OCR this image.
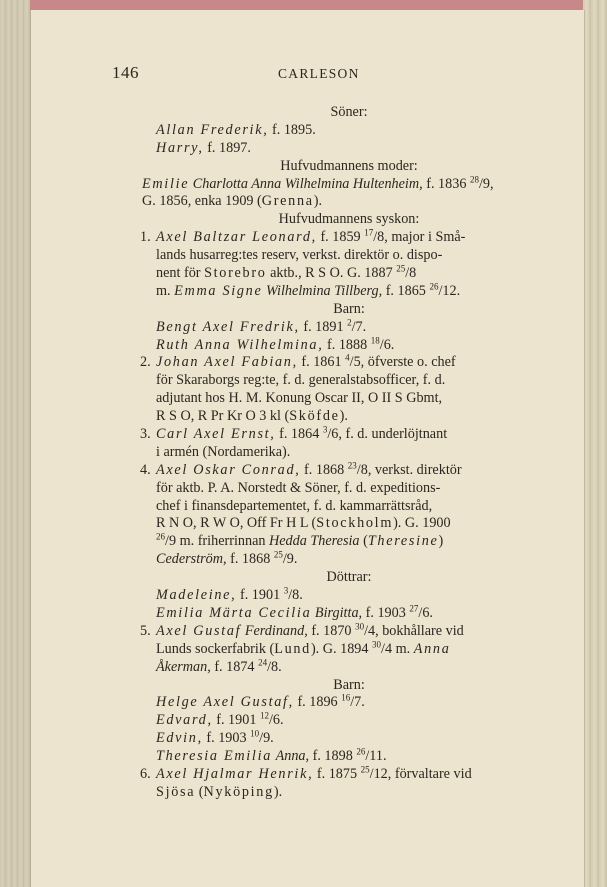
146	CARLESON
Söner:
Allan Frederik, f. 1895.
Harry, f. 1897.
Hufvudmannens moder:
Emilie Charlotta Anna Wilhelmina Hultenheim, f. 1836 $^{28}$/9,
G. 1856, enka 1909 (Grenna).
Hufvudmannens syskon:
1. Axel Baltzar Leonard, f. 1859 $^{17}$/8, major i Små-
lands husarreg:tes reserv, verkst. direktör o. dispo-
nent för Storebro aktb., R S O. G. 1887 $^{25}$/8
m. Emma Signe Wilhelmina Tillberg, f. 1865 $^{26}$/12.
Barn:
Bengt Axel Fredrik, f. 1891 $^2$/7.
Ruth Anna Wilhelmina, f. 1888 $^{18}$/6.
2. Johan Axel Fabian, f. 1861 $^4$/5, öfverste o. chef
för Skaraborgs reg:te, f. d. generalstabsofficer, f. d.
adjutant hos H. M. Konung Oscar II, O II S Gbmt,
R S O, R Pr Kr O 3 kl (Sköfde).
3. Carl Axel Ernst, f. 1864 $^3$/6, f. d. underlöjtnant
i armén (Nordamerika).
4. Axel Oskar Conrad, f. 1868 $^{23}$/8, verkst. direktör
för aktb. P. A. Norstedt & Söner, f. d. expeditions-
chef i finansdepartementet, f. d. kammarrättsråd,
R N O, R W O, Off Fr H L (Stockholm). G. 1900
$^{26}$/9 m. friherrinnan Hedda Theresia (Theresine)
Cederström, f. 1868 $^{25}$/9.
Döttrar:
Madeleine, f. 1901 $^3$/8.
Emilia Märta Cecilia Birgitta, f. 1903 $^{27}$/6.
5. Axel Gustaf Ferdinand, f. 1870 $^{30}$/4, bokhållare vid
Lunds sockerfabrik (Lund). G. 1894 $^{30}$/4 m. Anna
Åkerman, f. 1874 $^{24}$/8.
Barn:
Helge Axel Gustaf, f. 1896 $^{16}$/7.
Edvard, f. 1901 $^{12}$/6.
Edvin, f. 1903 $^{10}$/9.
Theresia Emilia Anna, f. 1898 $^{26}$/11.
6. Axel Hjalmar Henrik, f. 1875 $^{25}$/12, förvaltare vid
Sjösa (Nyköping).
